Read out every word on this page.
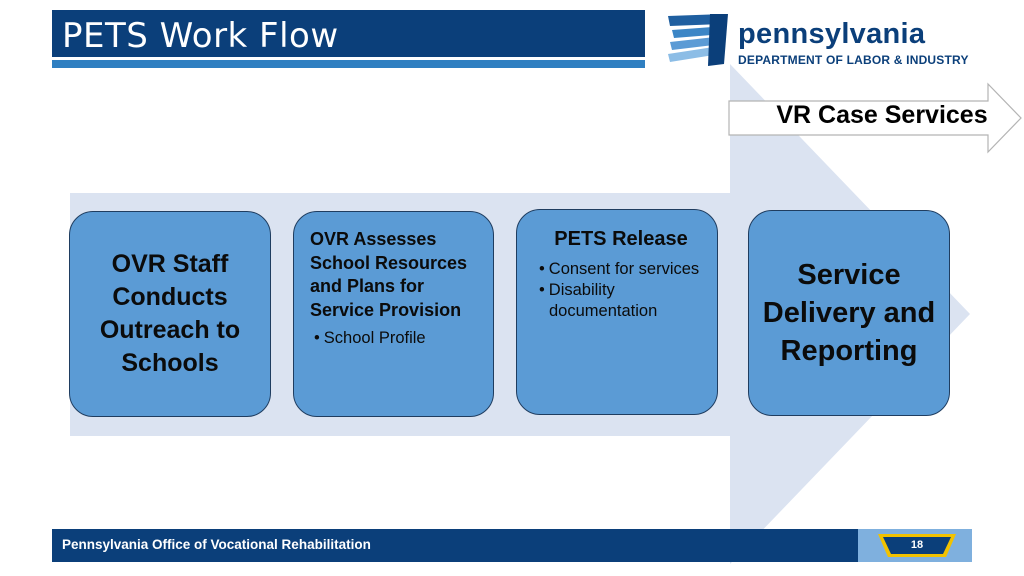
PETS Work Flow	pennsylvania
DEPARTMENT OF LABOR & INDUSTRY
VR Case Services
OVR Staff Conducts Outreach to Schools
OVR Assesses School Resources and Plans for Service Provision
• School Profile
PETS Release
• Consent for services
• Disability documentation
Service Delivery and Reporting
Pennsylvania Office of Vocational Rehabilitation	18
